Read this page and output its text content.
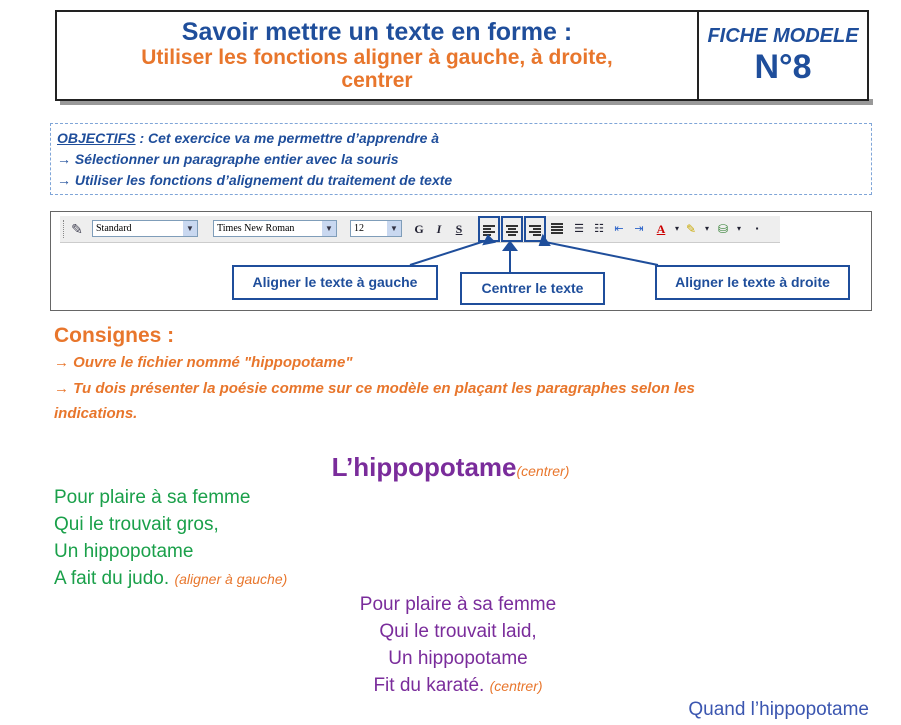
Savoir mettre un texte en forme :
Utiliser les fonctions aligner à gauche, à droite,
centrer
FICHE MODELE
N°8
OBJECTIFS : Cet exercice va me permettre d’apprendre à
→ Sélectionner un paragraphe entier avec la souris
→ Utiliser les fonctions d’alignement du traitement de texte
✎	Standard	▼	Times New Roman	▼	12	▼	G	I	S	☰ ☷ ⇤ ⇥	A	▾ ✎	▾ ⛁	▾	▪
Aligner le texte à gauche	Centrer le texte	Aligner le texte à droite
Consignes :
→ Ouvre le fichier nommé "hippopotame"
→ Tu dois présenter la poésie comme sur ce modèle en plaçant les paragraphes selon les
indications.
L’hippopotame(centrer)
Pour plaire à sa femme
Qui le trouvait gros,
Un hippopotame
A fait du judo. (aligner à gauche)
Pour plaire à sa femme
Qui le trouvait laid,
Un hippopotame
Fit du karaté. (centrer)
Quand l’hippopotame
